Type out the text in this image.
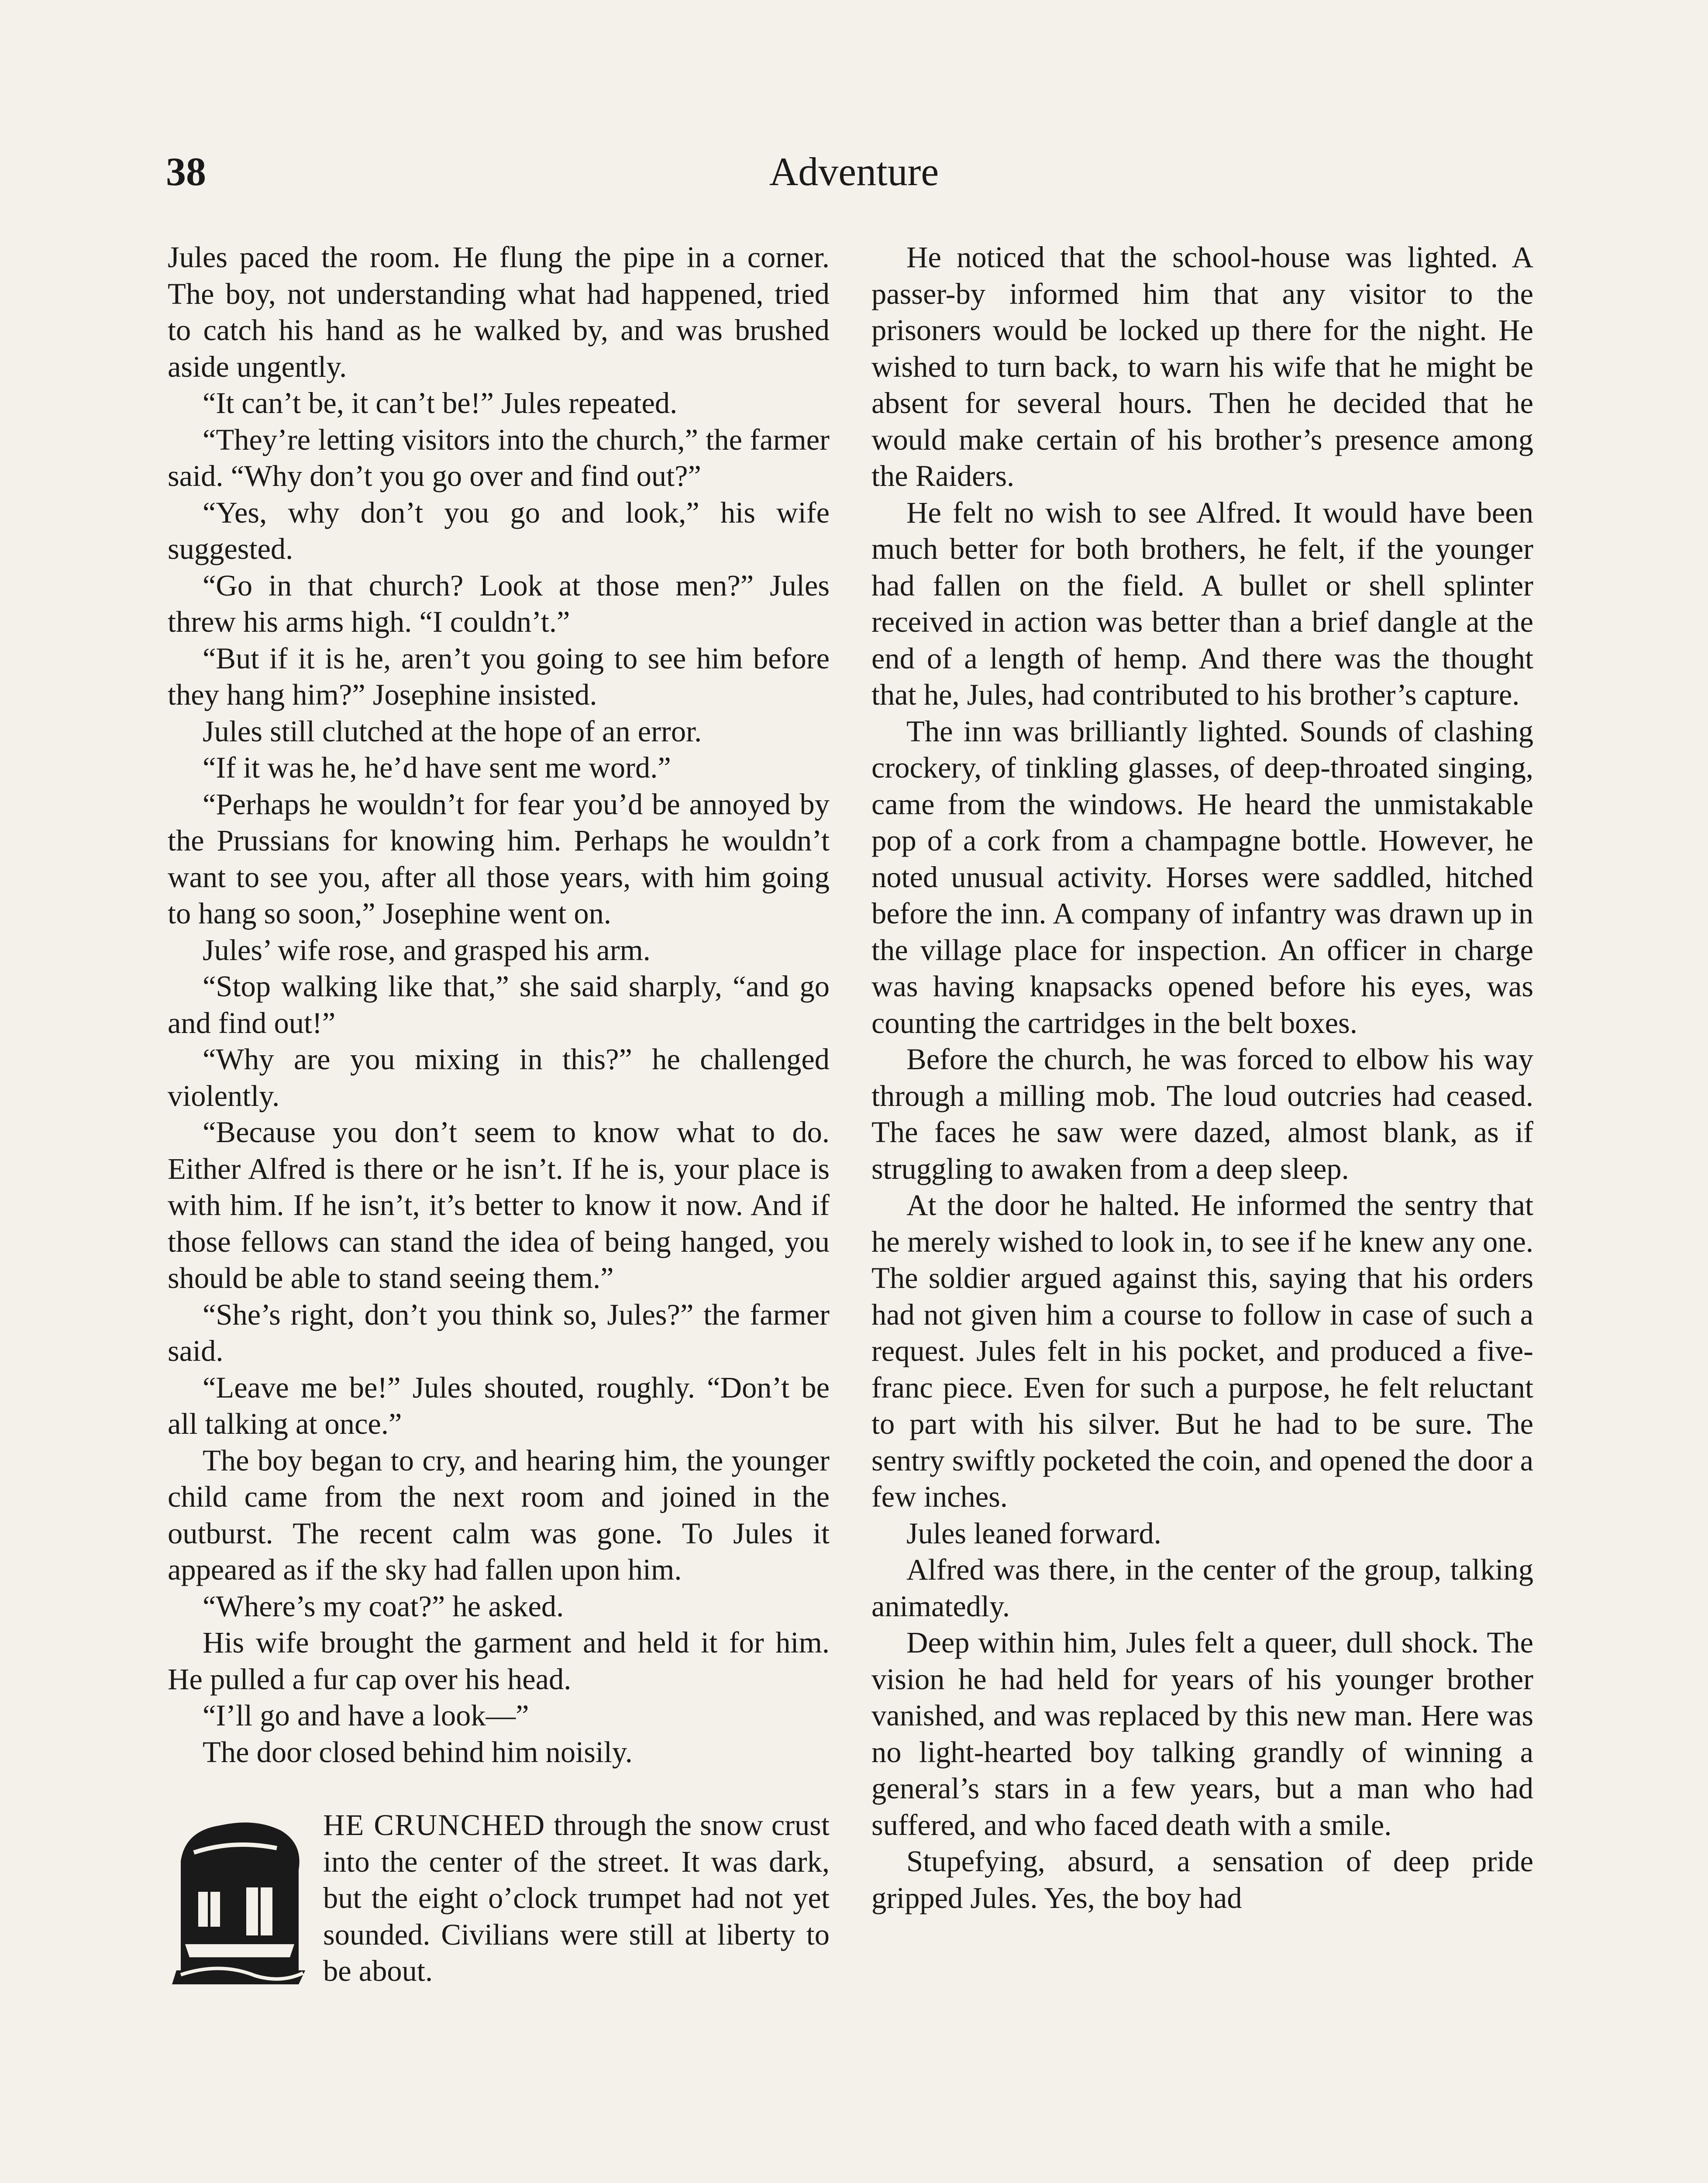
38	Adventure

Jules paced the room. He flung the pipe in a corner. The boy, not understanding what had happened, tried to catch his hand as he walked by, and was brushed aside ungently.

“It can’t be, it can’t be!” Jules repeated.

“They’re letting visitors into the church,” the farmer said. “Why don’t you go over and find out?”

“Yes, why don’t you go and look,” his wife suggested.

“Go in that church? Look at those men?” Jules threw his arms high. “I couldn’t.”

“But if it is he, aren’t you going to see him before they hang him?” Josephine insisted.

Jules still clutched at the hope of an error.

“If it was he, he’d have sent me word.”

“Perhaps he wouldn’t for fear you’d be annoyed by the Prussians for knowing him. Perhaps he wouldn’t want to see you, after all those years, with him going to hang so soon,” Josephine went on.

Jules’ wife rose, and grasped his arm.

“Stop walking like that,” she said sharply, “and go and find out!”

“Why are you mixing in this?” he challenged violently.

“Because you don’t seem to know what to do. Either Alfred is there or he isn’t. If he is, your place is with him. If he isn’t, it’s better to know it now. And if those fellows can stand the idea of being hanged, you should be able to stand seeing them.”

“She’s right, don’t you think so, Jules?” the farmer said.

“Leave me be!” Jules shouted, roughly. “Don’t be all talking at once.”

The boy began to cry, and hearing him, the younger child came from the next room and joined in the outburst. The recent calm was gone. To Jules it appeared as if the sky had fallen upon him.

“Where’s my coat?” he asked.

His wife brought the garment and held it for him. He pulled a fur cap over his head.

“I’ll go and have a look—”

The door closed behind him noisily.

HE CRUNCHED through the snow crust into the center of the street. It was dark, but the eight o’clock trumpet had not yet sounded. Civilians were still at liberty to be about.

He noticed that the school-house was lighted. A passer-by informed him that any visitor to the prisoners would be locked up there for the night. He wished to turn back, to warn his wife that he might be absent for several hours. Then he decided that he would make certain of his brother’s presence among the Raiders.

He felt no wish to see Alfred. It would have been much better for both brothers, he felt, if the younger had fallen on the field. A bullet or shell splinter received in action was better than a brief dangle at the end of a length of hemp. And there was the thought that he, Jules, had contributed to his brother’s capture.

The inn was brilliantly lighted. Sounds of clashing crockery, of tinkling glasses, of deep-throated singing, came from the windows. He heard the unmistakable pop of a cork from a champagne bottle. However, he noted unusual activity. Horses were saddled, hitched before the inn. A company of infantry was drawn up in the village place for inspection. An officer in charge was having knapsacks opened before his eyes, was counting the cartridges in the belt boxes.

Before the church, he was forced to elbow his way through a milling mob. The loud outcries had ceased. The faces he saw were dazed, almost blank, as if struggling to awaken from a deep sleep.

At the door he halted. He informed the sentry that he merely wished to look in, to see if he knew any one. The soldier argued against this, saying that his orders had not given him a course to follow in case of such a request. Jules felt in his pocket, and produced a five-franc piece. Even for such a purpose, he felt reluctant to part with his silver. But he had to be sure. The sentry swiftly pocketed the coin, and opened the door a few inches.

Jules leaned forward.

Alfred was there, in the center of the group, talking animatedly.

Deep within him, Jules felt a queer, dull shock. The vision he had held for years of his younger brother vanished, and was replaced by this new man. Here was no light-hearted boy talking grandly of winning a general’s stars in a few years, but a man who had suffered, and who faced death with a smile.

Stupefying, absurd, a sensation of deep pride gripped Jules. Yes, the boy had
